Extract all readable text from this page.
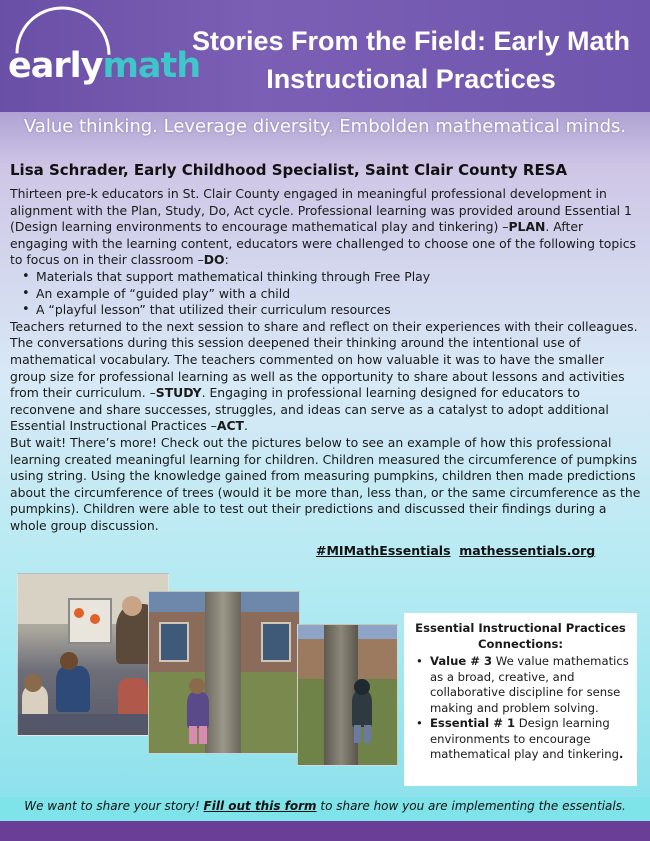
earlymath
Stories From the Field: Early Math Instructional Practices
Value thinking. Leverage diversity. Embolden mathematical minds.
Lisa Schrader, Early Childhood Specialist, Saint Clair County RESA

Thirteen pre-k educators in St. Clair County engaged in meaningful professional development in alignment with the Plan, Study, Do, Act cycle. Professional learning was provided around Essential 1 (Design learning environments to encourage mathematical play and tinkering) –PLAN. After engaging with the learning content, educators were challenged to choose one of the following topics to focus on in their classroom –DO:

• Materials that support mathematical thinking through Free Play
• An example of “guided play” with a child
• A “playful lesson” that utilized their curriculum resources

Teachers returned to the next session to share and reflect on their experiences with their colleagues. The conversations during this session deepened their thinking around the intentional use of mathematical vocabulary. The teachers commented on how valuable it was to have the smaller group size for professional learning as well as the opportunity to share about lessons and activities from their curriculum. –STUDY. Engaging in professional learning designed for educators to reconvene and share successes, struggles, and ideas can serve as a catalyst to adopt additional Essential Instructional Practices –ACT.

But wait! There’s more! Check out the pictures below to see an example of how this professional learning created meaningful learning for children. Children measured the circumference of pumpkins using string. Using the knowledge gained from measuring pumpkins, children then made predictions about the circumference of trees (would it be more than, less than, or the same circumference as the pumpkins). Children were able to test out their predictions and discussed their findings during a whole group discussion.

#MIMathEssentials mathessentials.org
Essential Instructional Practices Connections:
• Value # 3 We value mathematics as a broad, creative, and collaborative discipline for sense making and problem solving.
• Essential # 1 Design learning environments to encourage mathematical play and tinkering.
We want to share your story! Fill out this form to share how you are implementing the essentials.
